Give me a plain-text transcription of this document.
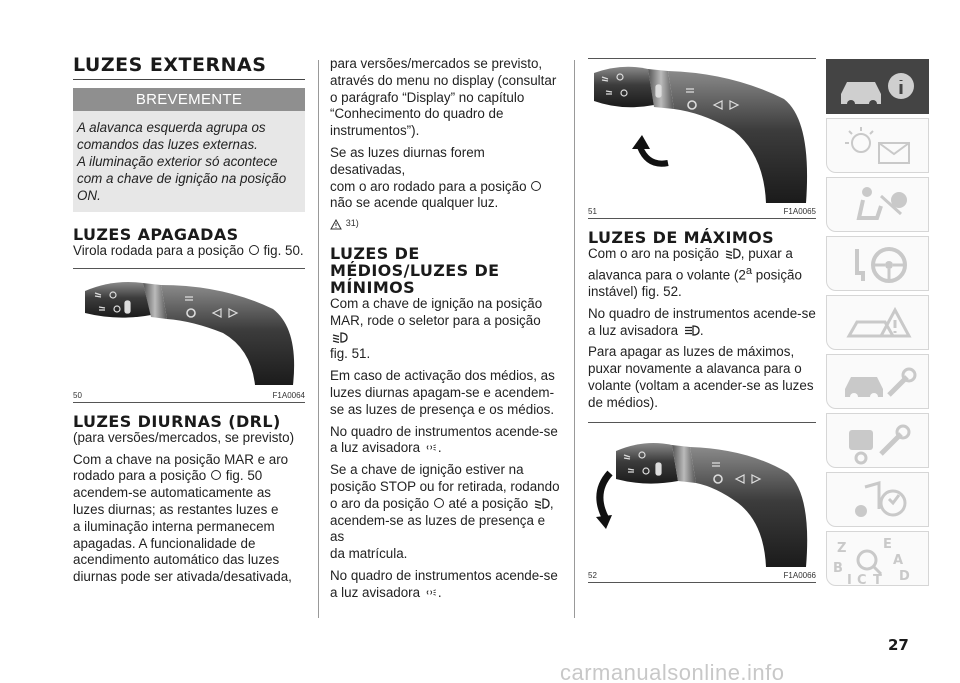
LUZES EXTERNAS
BREVEMENTE
A alavanca esquerda agrupa os
comandos das luzes externas.
A iluminação exterior só acontece
com a chave de ignição na posição
ON.
LUZES APAGADAS
Virola rodada para a posição fig. 50.
50	F1A0064
LUZES DIURNAS (DRL)

(para versões/mercados, se previsto)

Com a chave na posição MAR e aro

rodado para a posição fig. 50

acendem-se automaticamente as

luzes diurnas; as restantes luzes e

a iluminação interna permanecem

apagadas. A funcionalidade de

acendimento automático das luzes

diurnas pode ser ativada/desativada,

para versões/mercados se previsto,

através do menu no display (consultar

o parágrafo “Display” no capítulo

“Conhecimento do quadro de

instrumentos”).

Se as luzes diurnas forem desativadas,

com o aro rodado para a posição

não se acende qualquer luz.

$^{31)}$

LUZES DE
MÉDIOS/LUZES DE
MÍNIMOS

Com a chave de ignição na posição

MAR, rode o seletor para a posição

fig. 51.

Em caso de activação dos médios, as

luzes diurnas apagam-se e acendem-

se as luzes de presença e os médios.

No quadro de instrumentos acende-se

a luz avisadora .

Se a chave de ignição estiver na

posição STOP ou for retirada, rodando

o aro da posição até a posição ,

acendem-se as luzes de presença e as

da matrícula.

No quadro de instrumentos acende-se

a luz avisadora .

51	F1A0065
LUZES DE MÁXIMOS

Com o aro na posição , puxar a

alavanca para o volante (2$^a$ posição

instável) fig. 52.

No quadro de instrumentos acende-se

a luz avisadora .

Para apagar as luzes de máximos,

puxar novamente a alavanca para o

volante (voltam a acender-se as luzes

de médios).

52	F1A0066
Z	E
A
B
I C T D
27
carmanualsonline.info
